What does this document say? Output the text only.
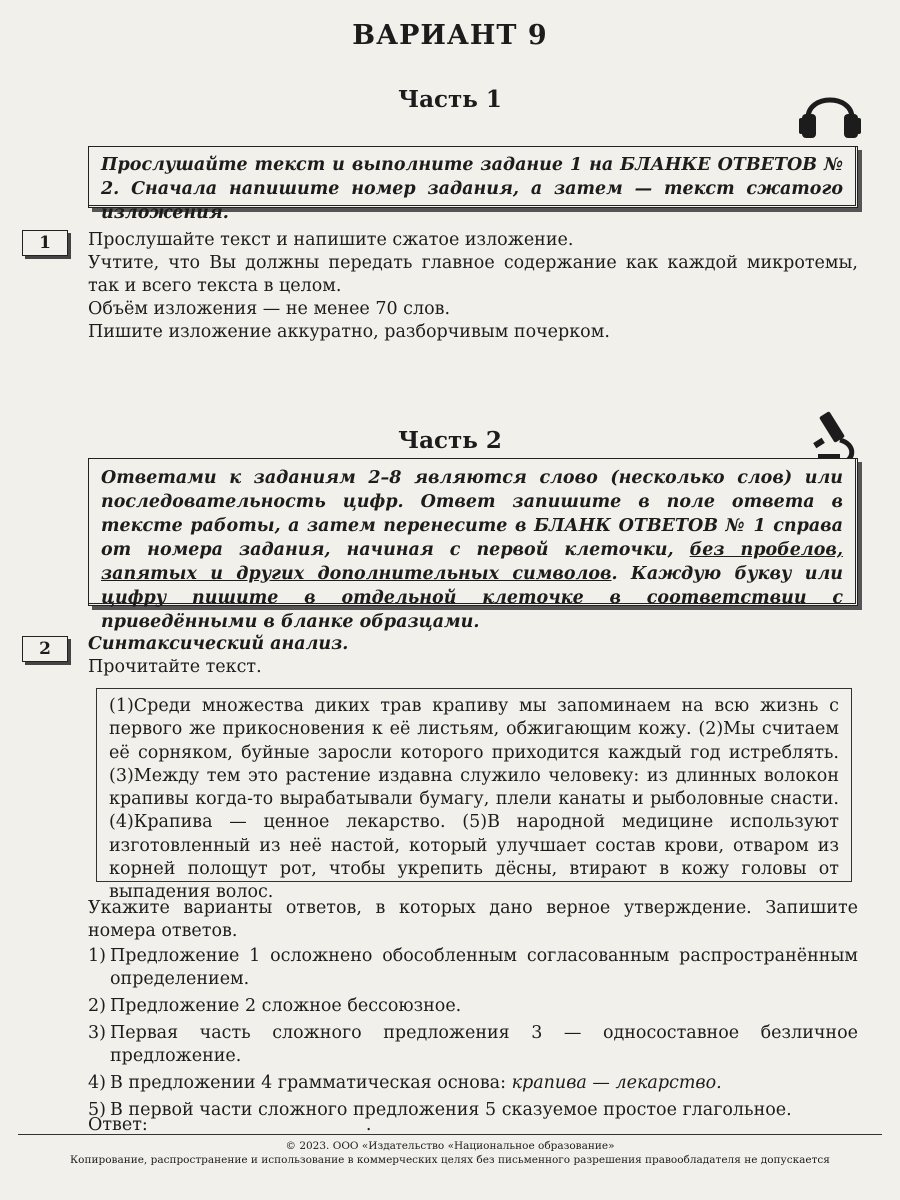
ВАРИАНТ 9
Часть 1

Прослушайте текст и выполните задание 1 на БЛАНКЕ ОТВЕТОВ № 2. Сначала напишите номер задания, а затем — текст сжатого изложения.

1	Прослушайте текст и напишите сжатое изложение.

Учтите, что Вы должны передать главное содержание как каждой микротемы, так и всего текста в целом.

Объём изложения — не менее 70 слов.

Пишите изложение аккуратно, разборчивым почерком.

Часть 2

Ответами к заданиям 2–8 являются слово (несколько слов) или последовательность цифр. Ответ запишите в поле ответа в тексте работы, а затем перенесите в БЛАНК ОТВЕТОВ № 1 справа от номера задания, начиная с первой клеточки, без пробелов, запятых и других дополнительных символов. Каждую букву или цифру пишите в отдельной клеточке в соответствии с приведёнными в бланке образцами.

2	Синтаксический анализ.

Прочитайте текст.

(1)Среди множества диких трав крапиву мы запоминаем на всю жизнь с первого же прикосновения к её листьям, обжигающим кожу. (2)Мы считаем её сорняком, буйные заросли которого приходится каждый год истреблять. (3)Между тем это растение издавна служило человеку: из длинных волокон крапивы когда-то вырабатывали бумагу, плели канаты и рыболовные снасти. (4)Крапива — ценное лекарство. (5)В народной медицине используют изготовленный из неё настой, который улучшает состав крови, отваром из корней полощут рот, чтобы укрепить дёсны, втирают в кожу головы от выпадения волос.
Укажите варианты ответов, в которых дано верное утверждение. Запишите номера ответов.

1) Предложение 1 осложнено обособленным согласованным распространённым определением.

2) Предложение 2 сложное бессоюзное.

3) Первая часть сложного предложения 3 — односоставное безличное предложение.

4) В предложении 4 грамматическая основа: крапива — лекарство.

5) В первой части сложного предложения 5 сказуемое простое глагольное.

Ответ:	.
© 2023. ООО «Издательство «Национальное образование»
Копирование, распространение и использование в коммерческих целях без письменного разрешения правообладателя не допускается
